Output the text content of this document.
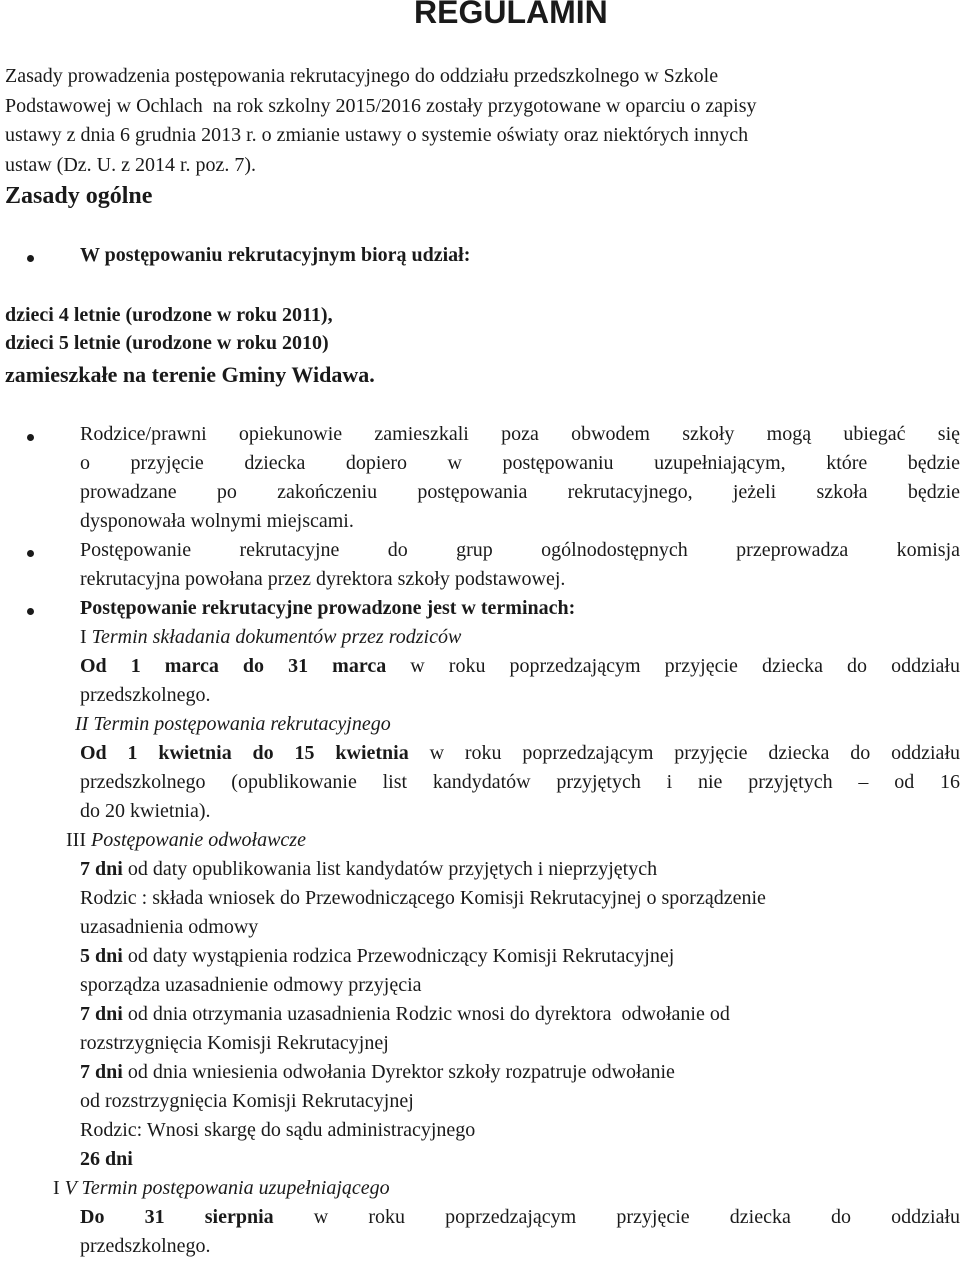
REGULAMIN
Zasady prowadzenia postępowania rekrutacyjnego do oddziału przedszkolnego w Szkole
Podstawowej w Ochlach  na rok szkolny 2015/2016 zostały przygotowane w oparciu o zapisy
ustawy z dnia 6 grudnia 2013 r. o zmianie ustawy o systemie oświaty oraz niektórych innych
ustaw (Dz. U. z 2014 r. poz. 7).
Zasady ogólne
W postępowaniu rekrutacyjnym biorą udział:
dzieci 4 letnie (urodzone w roku 2011),
dzieci 5 letnie (urodzone w roku 2010)
zamieszkałe na terenie Gminy Widawa.
Rodzice/prawni opiekunowie zamieszkali poza obwodem szkoły mogą ubiegać się
o przyjęcie dziecka dopiero w postępowaniu uzupełniającym, które będzie
prowadzane po zakończeniu postępowania rekrutacyjnego, jeżeli szkoła będzie
dysponowała wolnymi miejscami.
Postępowanie rekrutacyjne do grup ogólnodostępnych przeprowadza komisja
rekrutacyjna powołana przez dyrektora szkoły podstawowej.
Postępowanie rekrutacyjne prowadzone jest w terminach:
I Termin składania dokumentów przez rodziców
Od 1 marca do 31 marca w roku poprzedzającym przyjęcie dziecka do oddziału
przedszkolnego.
II Termin postępowania rekrutacyjnego
Od 1 kwietnia do 15 kwietnia w roku poprzedzającym przyjęcie dziecka do oddziału
przedszkolnego (opublikowanie list kandydatów przyjętych i nie przyjętych – od 16
do 20 kwietnia).
III Postępowanie odwoławcze
7 dni od daty opublikowania list kandydatów przyjętych i nieprzyjętych
Rodzic : składa wniosek do Przewodniczącego Komisji Rekrutacyjnej o sporządzenie
uzasadnienia odmowy
5 dni od daty wystąpienia rodzica Przewodniczący Komisji Rekrutacyjnej
sporządza uzasadnienie odmowy przyjęcia
7 dni od dnia otrzymania uzasadnienia Rodzic wnosi do dyrektora  odwołanie od
rozstrzygnięcia Komisji Rekrutacyjnej
7 dni od dnia wniesienia odwołania Dyrektor szkoły rozpatruje odwołanie
od rozstrzygnięcia Komisji Rekrutacyjnej
Rodzic: Wnosi skargę do sądu administracyjnego
26 dni
I V Termin postępowania uzupełniającego
Do 31 sierpnia w roku poprzedzającym przyjęcie dziecka do oddziału
przedszkolnego.
